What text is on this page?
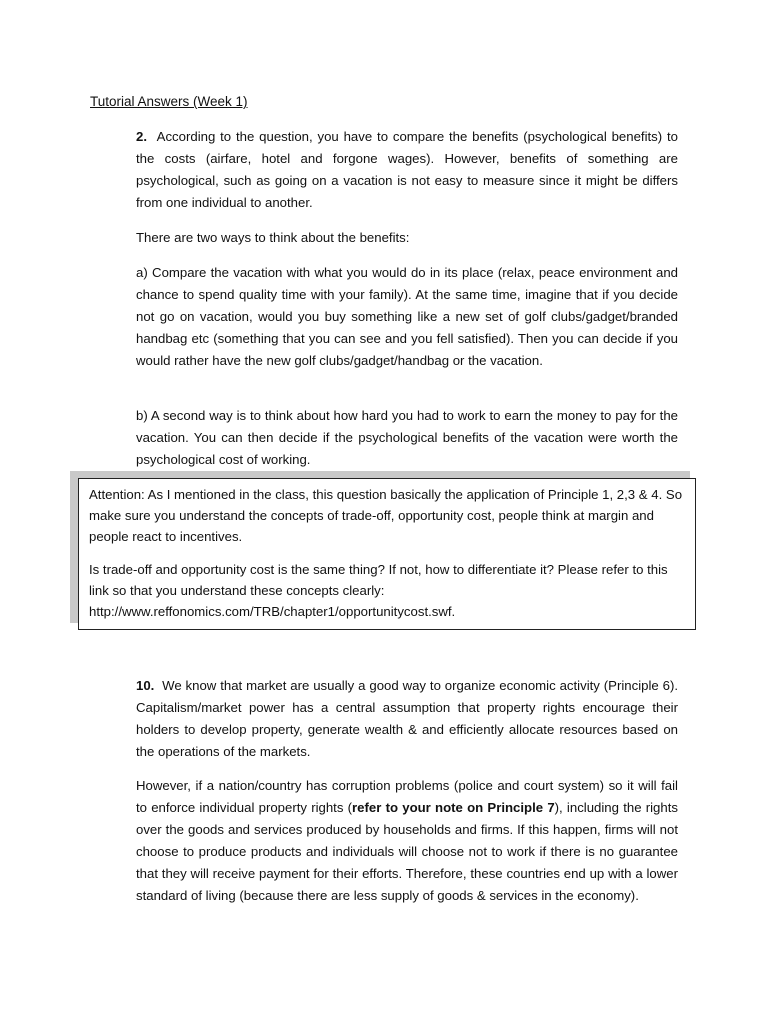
Tutorial Answers (Week 1)

2. According to the question, you have to compare the benefits (psychological benefits) to the costs (airfare, hotel and forgone wages). However, benefits of something are psychological, such as going on a vacation is not easy to measure since it might be differs from one individual to another.

There are two ways to think about the benefits:

a) Compare the vacation with what you would do in its place (relax, peace environment and chance to spend quality time with your family). At the same time, imagine that if you decide not go on vacation, would you buy something like a new set of golf clubs/gadget/branded handbag etc (something that you can see and you fell satisfied). Then you can decide if you would rather have the new golf clubs/gadget/handbag or the vacation.

b) A second way is to think about how hard you had to work to earn the money to pay for the vacation. You can then decide if the psychological benefits of the vacation were worth the psychological cost of working.

Attention: As I mentioned in the class, this question basically the application of Principle 1, 2,3 & 4. So make sure you understand the concepts of trade-off, opportunity cost, people think at margin and people react to incentives.

Is trade-off and opportunity cost is the same thing? If not, how to differentiate it? Please refer to this link so that you understand these concepts clearly:
http://www.reffonomics.com/TRB/chapter1/opportunitycost.swf.

10. We know that market are usually a good way to organize economic activity (Principle 6). Capitalism/market power has a central assumption that property rights encourage their holders to develop property, generate wealth & and efficiently allocate resources based on the operations of the markets.

However, if a nation/country has corruption problems (police and court system) so it will fail to enforce individual property rights (refer to your note on Principle 7), including the rights over the goods and services produced by households and firms. If this happen, firms will not choose to produce products and individuals will choose not to work if there is no guarantee that they will receive payment for their efforts. Therefore, these countries end up with a lower standard of living (because there are less supply of goods & services in the economy).
